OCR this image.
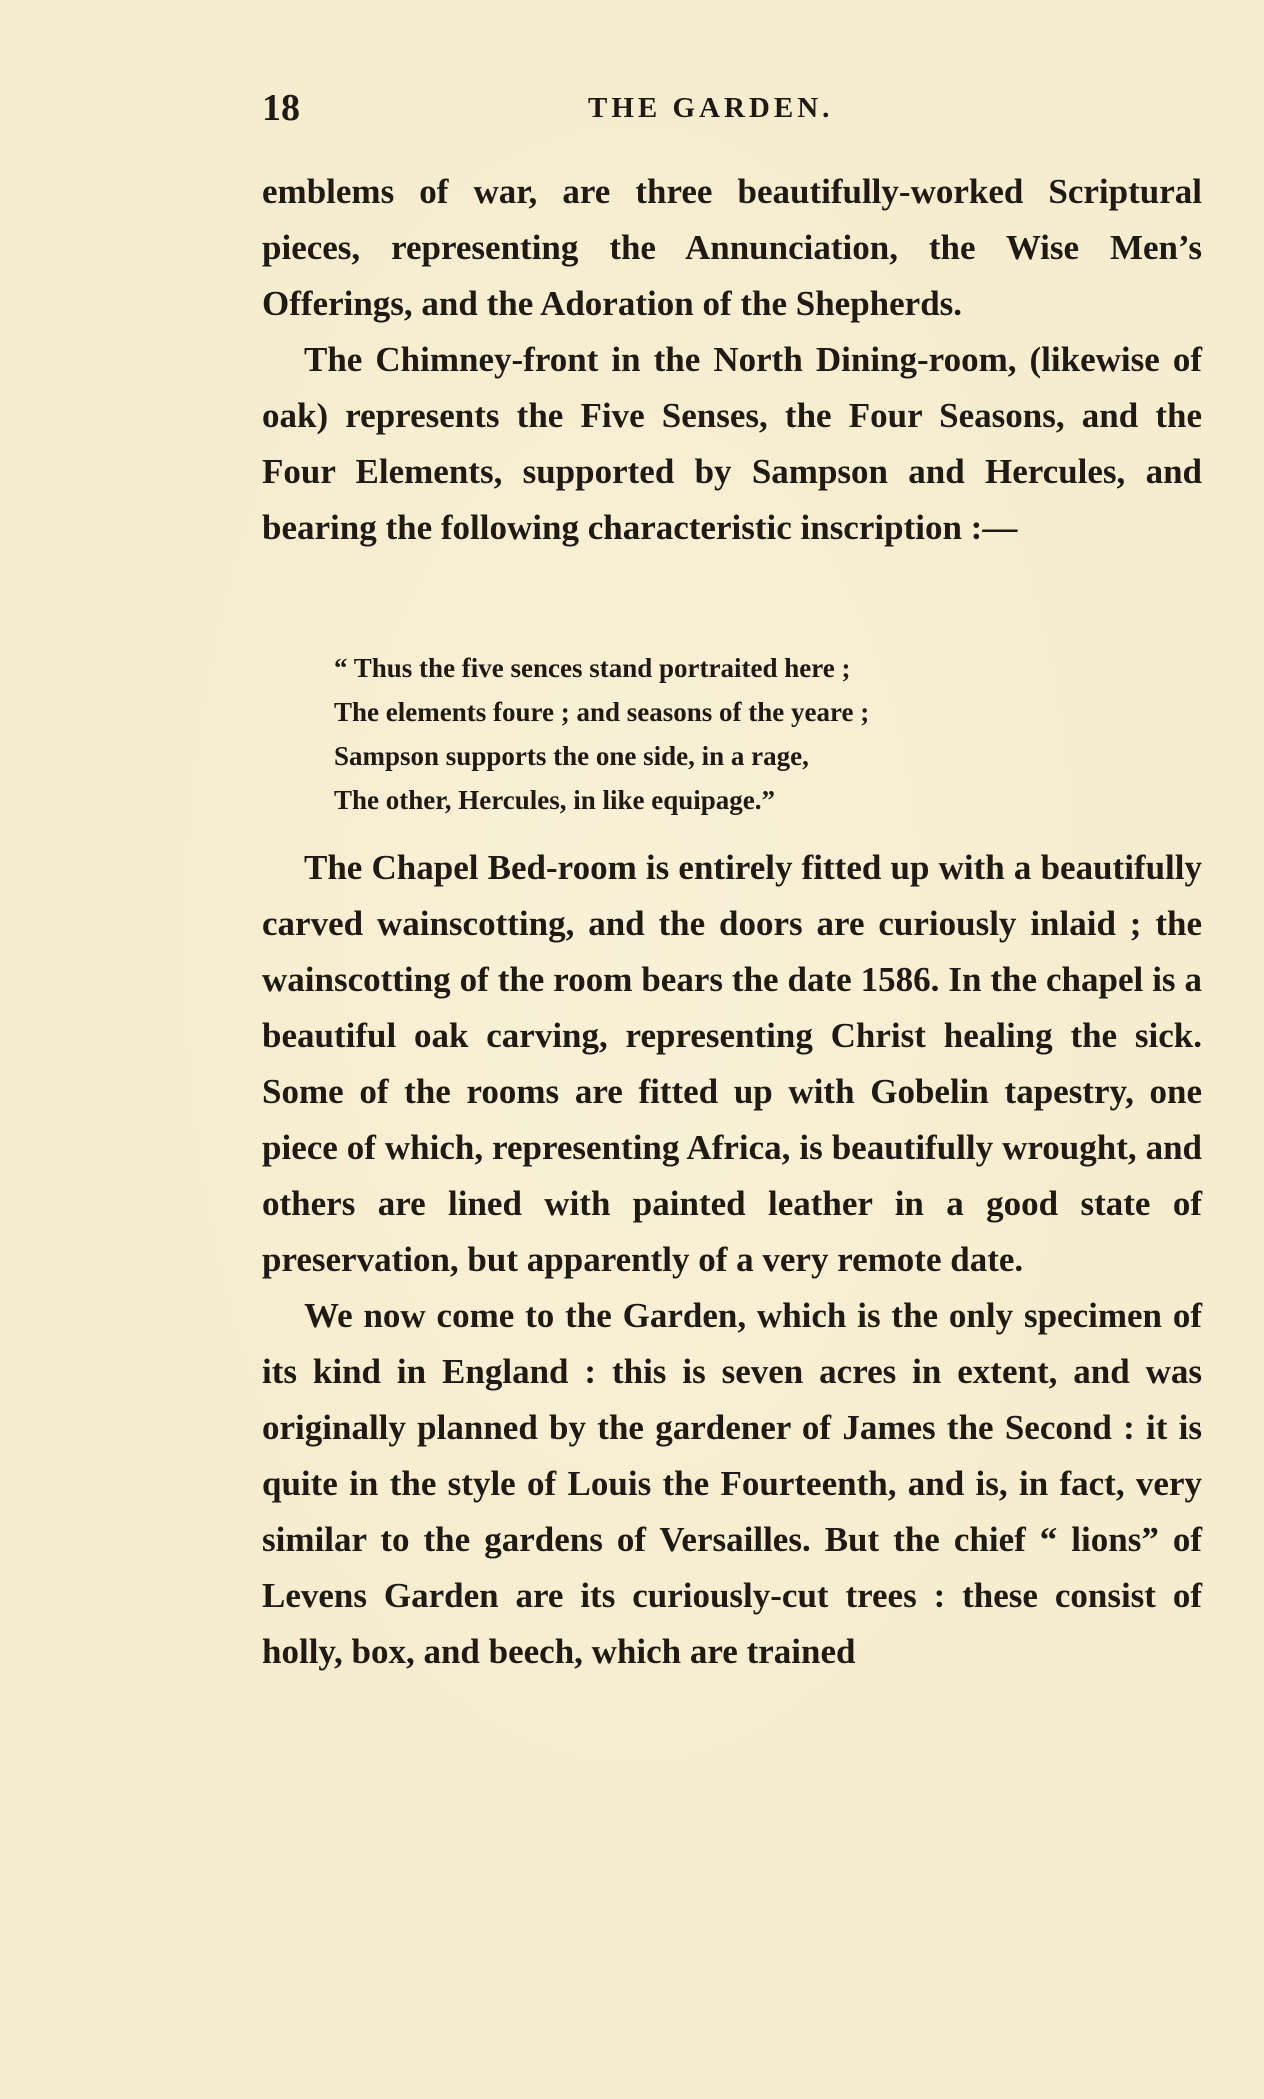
18	THE GARDEN.

emblems of war, are three beautifully-worked Scriptural pieces, representing the Annunciation, the Wise Men’s Offerings, and the Adoration of the Shepherds.

The Chimney-front in the North Dining-room, (likewise of oak) represents the Five Senses, the Four Seasons, and the Four Elements, supported by Sampson and Hercules, and bearing the following characteristic inscription :—

“ Thus the five sences stand portraited here ;
The elements foure ; and seasons of the yeare ;
Sampson supports the one side, in a rage,
The other, Hercules, in like equipage.”

The Chapel Bed-room is entirely fitted up with a beautifully carved wainscotting, and the doors are curiously inlaid ; the wainscotting of the room bears the date 1586. In the chapel is a beautiful oak carving, representing Christ healing the sick. Some of the rooms are fitted up with Gobelin tapestry, one piece of which, representing Africa, is beautifully wrought, and others are lined with painted leather in a good state of preservation, but apparently of a very remote date.

We now come to the Garden, which is the only specimen of its kind in England : this is seven acres in extent, and was originally planned by the gardener of James the Second : it is quite in the style of Louis the Fourteenth, and is, in fact, very similar to the gardens of Versailles. But the chief “ lions” of Levens Garden are its curiously-cut trees : these consist of holly, box, and beech, which are trained
